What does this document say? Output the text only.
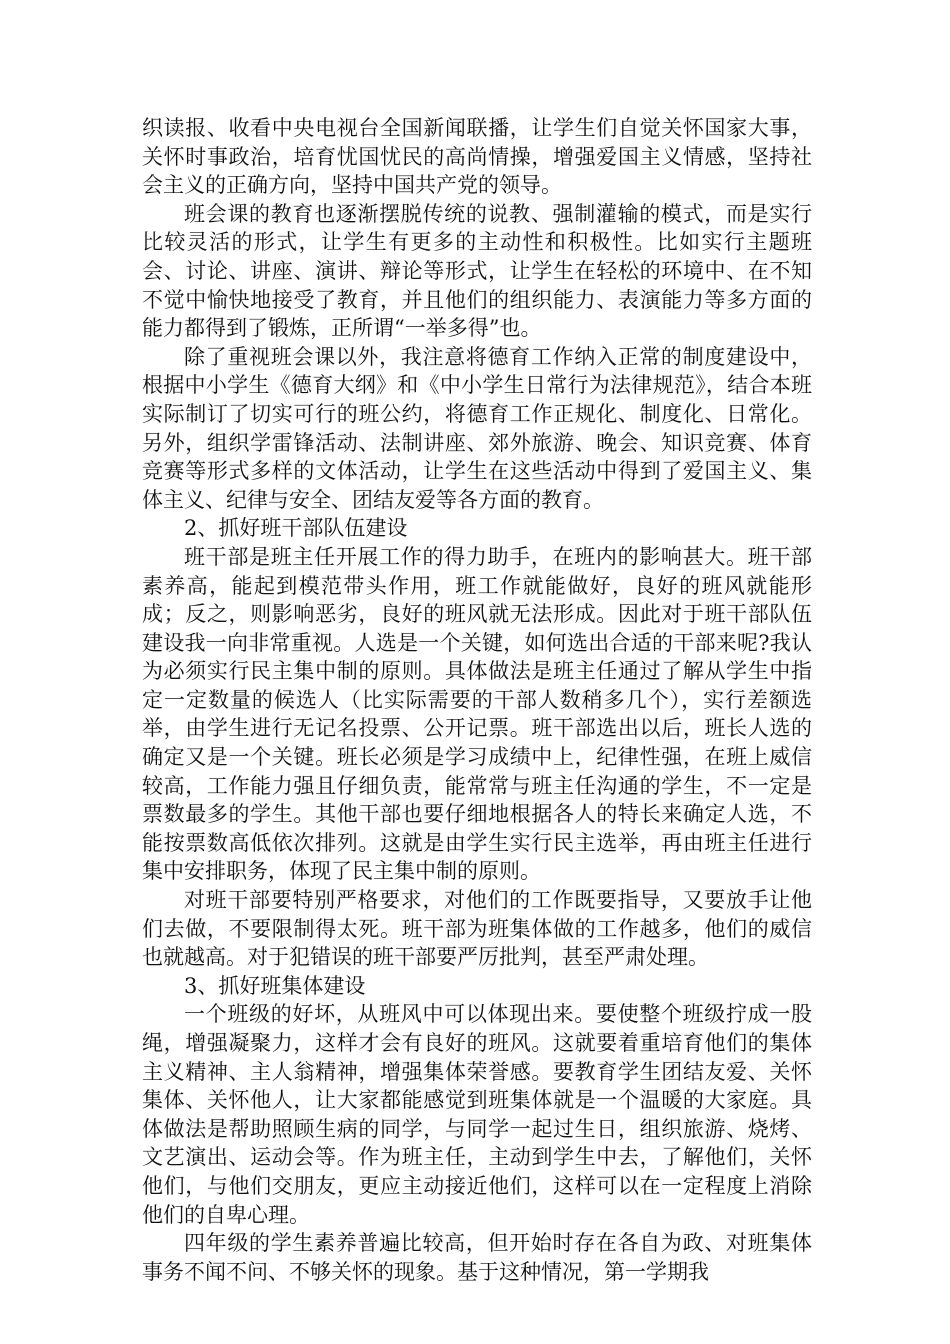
织读报、收看中央电视台全国新闻联播，让学生们自觉关怀国家大事，关怀时事政治，培育忧国忧民的高尚情操，增强爱国主义情感，坚持社会主义的正确方向，坚持中国共产党的领导。

班会课的教育也逐渐摆脱传统的说教、强制灌输的模式，而是实行比较灵活的形式，让学生有更多的主动性和积极性。比如实行主题班会、讨论、讲座、演讲、辩论等形式，让学生在轻松的环境中、在不知不觉中愉快地接受了教育，并且他们的组织能力、表演能力等多方面的能力都得到了锻炼，正所谓“一举多得”也。

除了重视班会课以外，我注意将德育工作纳入正常的制度建设中，根据中小学生《德育大纲》和《中小学生日常行为法律规范》，结合本班实际制订了切实可行的班公约，将德育工作正规化、制度化、日常化。另外，组织学雷锋活动、法制讲座、郊外旅游、晚会、知识竞赛、体育竞赛等形式多样的文体活动，让学生在这些活动中得到了爱国主义、集体主义、纪律与安全、团结友爱等各方面的教育。

2、抓好班干部队伍建设

班干部是班主任开展工作的得力助手，在班内的影响甚大。班干部素养高，能起到模范带头作用，班工作就能做好，良好的班风就能形成；反之，则影响恶劣，良好的班风就无法形成。因此对于班干部队伍建设我一向非常重视。人选是一个关键，如何选出合适的干部来呢?我认为必须实行民主集中制的原则。具体做法是班主任通过了解从学生中指定一定数量的候选人（比实际需要的干部人数稍多几个），实行差额选举，由学生进行无记名投票、公开记票。班干部选出以后，班长人选的确定又是一个关键。班长必须是学习成绩中上，纪律性强，在班上威信较高，工作能力强且仔细负责，能常常与班主任沟通的学生，不一定是票数最多的学生。其他干部也要仔细地根据各人的特长来确定人选，不能按票数高低依次排列。这就是由学生实行民主选举，再由班主任进行集中安排职务，体现了民主集中制的原则。

对班干部要特别严格要求，对他们的工作既要指导，又要放手让他们去做，不要限制得太死。班干部为班集体做的工作越多，他们的威信也就越高。对于犯错误的班干部要严厉批判，甚至严肃处理。

3、抓好班集体建设

一个班级的好坏，从班风中可以体现出来。要使整个班级拧成一股绳，增强凝聚力，这样才会有良好的班风。这就要着重培育他们的集体主义精神、主人翁精神，增强集体荣誉感。要教育学生团结友爱、关怀集体、关怀他人，让大家都能感觉到班集体就是一个温暖的大家庭。具体做法是帮助照顾生病的同学，与同学一起过生日，组织旅游、烧烤、文艺演出、运动会等。作为班主任，主动到学生中去，了解他们，关怀他们，与他们交朋友，更应主动接近他们，这样可以在一定程度上消除他们的自卑心理。

四年级的学生素养普遍比较高，但开始时存在各自为政、对班集体事务不闻不问、不够关怀的现象。基于这种情况，第一学期我
